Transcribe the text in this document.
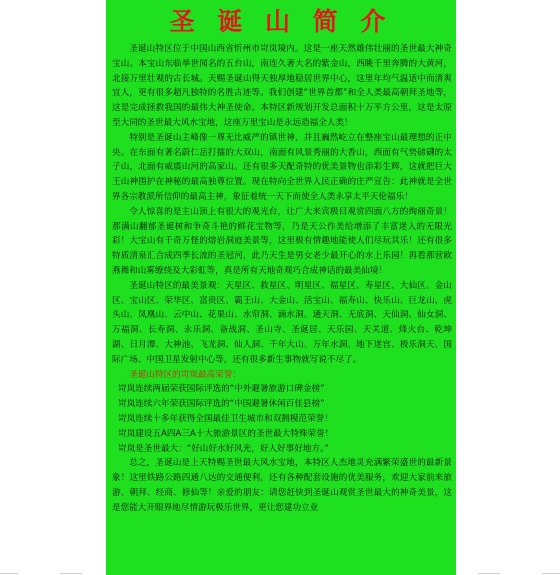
圣 诞 山 简 介

圣诞山特区位于中国山西省忻州市岢岚境内。这是一座天然雄伟壮丽的圣世最大神奇宝山。本宝山东临举世闻名的五台山，南连久著大名的紫金山，西眺千里奔腾的大黄河，北接万里壮观的古长城。天赐圣诞山得天独厚地稳居世界中心，这里年均气温适中而清爽宜人，更有很多超凡独特的名胜古迹等。我们创建“世界首都”和全人类最高朝拜圣地等，这是完成拯救我国的最伟大神圣使命。本特区新规划开发总面积十万平方公里，这是太原至大同的圣世最大风水宝地，这座万里宝山是永远造福全人类！

特别是圣诞山主峰像一尊无比威严的镇世神，并且巍然屹立在整座宝山最理想的正中央。在东面有著名蔚仁岳打擂的大双山，南面有风景秀丽的大香山，西面有气势磅礴的太子山，北面有威震山河的高家山。还有很多天配奇特的优美景物也添彩生辉，这就把巨大王山神围护在神秘的最高独尊位置。现在特向全世界人民正确的庄严宣告：此神就是全世界各宗教派所信仰的最高主神，象征着统一天下而使全人类永享太平天伦福乐！

令人惊喜的是主山顶上有很大的观光台，让广大来宾极目观赏四面八方的绚丽奇景！那满山翻郁圣诞树和争奇斗艳的鲜花宝物等，乃是天公作美给增添了丰富迷人的无限光彩！大宝山有千奇万怪的熔岩洞庭美景等，这里极有情趣地能使人们尽玩其乐！还有很多特质清泉汇合成四季长流的圣冠河，此乃天生是男女老少最开心的水上乐园！再看那营欧燕舞和山雾缭绕及大彩虹等，真是所有天地奇观巧合成神话的最美仙境！

圣诞山特区的最美景观：天星区、救星区、明星区、福星区、寿星区、大仙区、金山区、宝山区、荣华区、富贵区、霸王山、大金山、活宝山、福寿山、快乐山、巨龙山、虎头山、凤凰山、云中山、花果山、水帘洞、滴水洞、通天洞、无底洞、天仙洞、仙女洞、万福洞、长寿洞、永乐洞、备战洞、圣山寺、圣诞居、天乐园、天关道、烽火台、乾坤湖、日月潭、大神池、飞龙洞、仙人洞、千年大山、万年水洞、地下迷宫、极乐洞天、国际广场、中国卫星发射中心等，还有很多新生事物就写说不尽了。

圣诞山特区的岢岚最高荣誉：

岢岚连续两届荣获国际评选的“中外避暑旅游口碑金榜”

岢岚连续六年荣获国际评选的“中国避暑休闲百佳县榜”

岢岚连续十多年获得全国最佳卫生城市和双拥模范荣誉！

岢岚建设五A四A三A十大旅游景区的圣世最大特殊荣誉！

岢岚是圣世最大：“好山好水好风光，好人好事好地方。”

总之，圣诞山是上天特赐圣世最大风水宝地，本特区人杰地灵充满繁荣盛世的最新景象！这里铁路公路四通八达的交通便利，还有各种配套设施的优美服务，欢迎大家前来旅游、朝拜、经商、修仙等！亲爱的朋友：请您赶快到圣诞山观赏圣世最大的神奇美景，这是您能大开眼界地尽情游玩极乐世界，更让您建功立业
